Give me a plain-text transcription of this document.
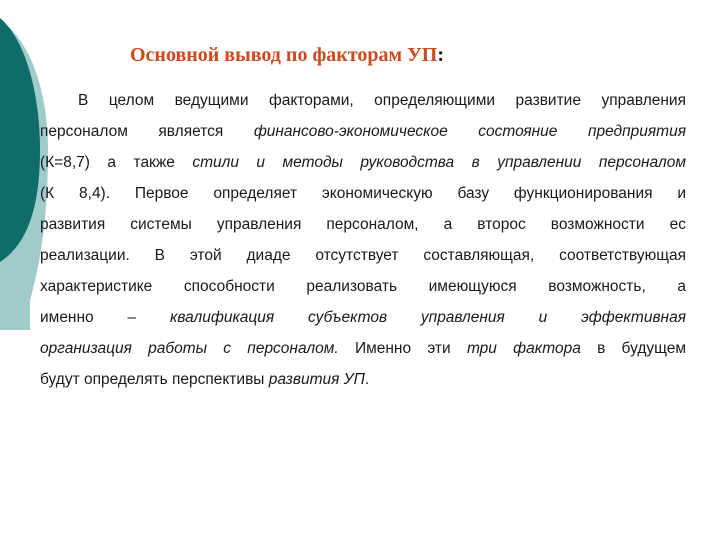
Основной вывод по факторам УП:
В целом ведущими факторами, определяющими развитие управления
персоналом является финансово-экономическое состояние предприятия
(К=8,7) а также стили и методы руководства в управлении персоналом
(К 8,4). Первое определяет экономическую базу функционирования и
развития системы управления персоналом, а второс возможности ес
реализации. В этой диаде отсутствует составляющая, соответствующая
характеристике способности реализовать имеющуюся возможность, а
именно – квалификация субъектов управления и эффективная
организация работы с персоналом. Именно эти три фактора в будущем
будут определять перспективы развития УП.
